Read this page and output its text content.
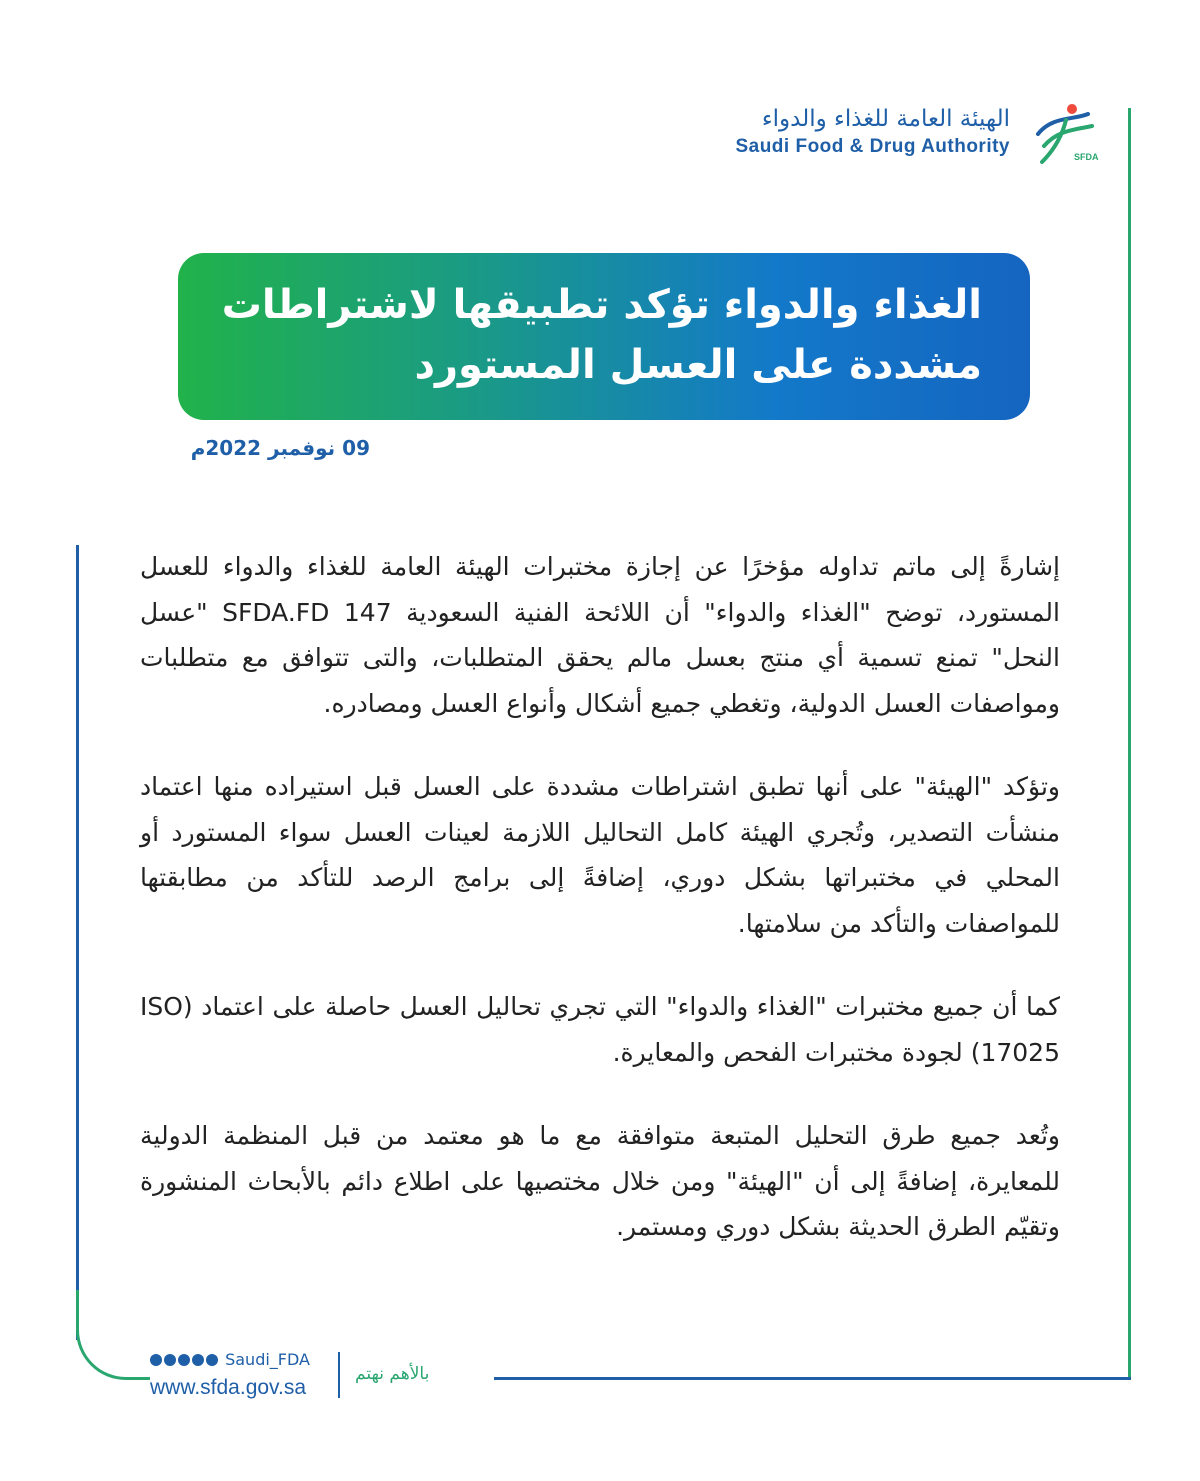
الهيئة العامة للغذاء والدواء
Saudi Food & Drug Authority	SFDA
الغذاء والدواء تؤكد تطبيقها لاشتراطات
مشددة على العسل المستورد
09 نوفمبر 2022م

إشارةً إلى ماتم تداوله مؤخرًا عن إجازة مختبرات الهيئة العامة للغذاء والدواء للعسل المستورد، توضح "الغذاء والدواء" أن اللائحة الفنية السعودية SFDA.FD 147 "عسل النحل" تمنع تسمية أي منتج بعسل مالم يحقق المتطلبات، والتى تتوافق مع متطلبات ومواصفات العسل الدولية، وتغطي جميع أشكال وأنواع العسل ومصادره.

وتؤكد "الهيئة" على أنها تطبق اشتراطات مشددة على العسل قبل استيراده منها اعتماد منشأت التصدير، وتُجري الهيئة كامل التحاليل اللازمة لعينات العسل سواء المستورد أو المحلي في مختبراتها بشكل دوري، إضافةً إلى برامج الرصد للتأكد من مطابقتها للمواصفات والتأكد من سلامتها.

كما أن جميع مختبرات "الغذاء والدواء" التي تجري تحاليل العسل حاصلة على اعتماد (ISO 17025) لجودة مختبرات الفحص والمعايرة.

وتُعد جميع طرق التحليل المتبعة متوافقة مع ما هو معتمد من قبل المنظمة الدولية للمعايرة، إضافةً إلى أن "الهيئة" ومن خلال مختصيها على اطلاع دائم بالأبحاث المنشورة وتقيّم الطرق الحديثة بشكل دوري ومستمر.

Saudi_FDA
www.sfda.gov.sa
بالأهم نهتم
